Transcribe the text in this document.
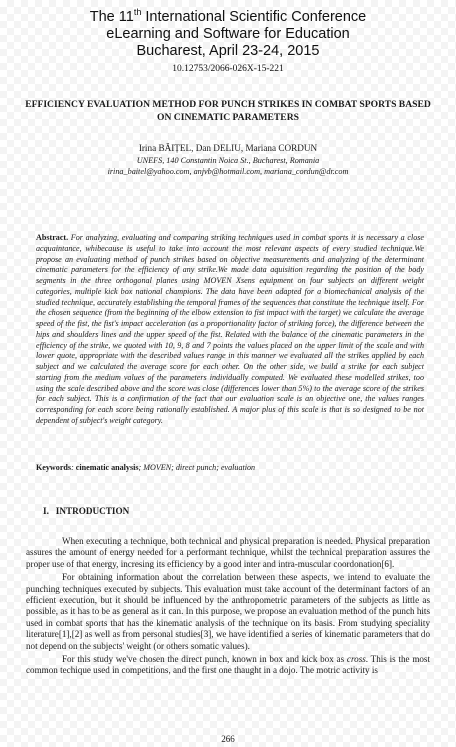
The 11th International Scientific Conference
eLearning and Software for Education
Bucharest, April 23-24, 2015
10.12753/2066-026X-15-221
EFFICIENCY EVALUATION METHOD FOR PUNCH STRIKES IN COMBAT SPORTS BASED ON CINEMATIC PARAMETERS
Irina BĂIȚEL, Dan DELIU, Mariana CORDUN
UNEFS, 140 Constantin Noica St., Bucharest, Romania
irina_baitel@yahoo.com, anjvb@hotmail.com, mariana_cordun@dr.com
Abstract. For analyzing, evaluating and comparing striking techniques used in combat sports it is necessary a close acquaintance, whibecause is useful to take into account the most relevant aspects of every studied technique.We propose an evaluating method of punch strikes based on objective measurements and analyzing of the determinant cinematic parameters for the efficiency of any strike.We made data aquisition regarding the position of the body segments in the three orthogonal planes using MOVEN Xsens equipment on four subjects on different weight categories, multiple kick box national champions. The data have been adapted for a biomechanical analysis of the studied technique, accurately establishing the temporal frames of the sequences that constitute the technique itself. For the chosen sequence (from the beginning of the elbow extension to fist impact with the target) we calculate the average speed of the fist, the fist's impact acceleration (as a proportionality factor of striking force), the difference between the hips and shoulders lines and the upper speed of the fist. Related with the balance of the cinematic parameters in the efficiency of the strike, we quoted with 10, 9, 8 and 7 points the values placed on the upper limit of the scale and with lower quote, appropriate with the described values range in this manner we evaluated all the strikes applied by each subject and we calculated the average score for each other. On the other side, we build a strike for each subject starting from the medium values of the parameters individually computed. We evaluated these modelled strikes, too using the scale described above and the score was close (differences lower than 5%) to the average score of the strikes for each subject. This is a confirmation of the fact that our evaluation scale is an objective one, the values ranges corresponding for each score being rationally established. A major plus of this scale is that is so designed to be not dependent of subject's weight category.
Keywords: cinematic analysis; MOVEN; direct punch; evaluation
I. INTRODUCTION

When executing a technique, both technical and physical preparation is needed. Physical preparation assures the amount of energy needed for a performant technique, whilst the technical preparation assures the proper use of that energy, incresing its efficiency by a good inter and intra-muscular coordonation[6].

For obtaining information about the correlation between these aspects, we intend to evaluate the punching techniques executed by subjects. This evaluation must take account of the determinant factors of an efficient execution, but it should be influenced by the anthropometric parameters of the subjects as little as possible, as it has to be as general as it can. In this purpose, we propose an evaluation method of the punch hits used in combat sports that has the kinematic analysis of the technique on its basis. From studying speciality literature[1],[2] as well as from personal studies[3], we have identified a series of kinematic parameters that do not depend on the subjects' weight (or others somatic values).

For this study we've chosen the direct punch, known in box and kick box as cross. This is the most common techique used in competitions, and the first one thaught in a dojo. The motric activity is

266
